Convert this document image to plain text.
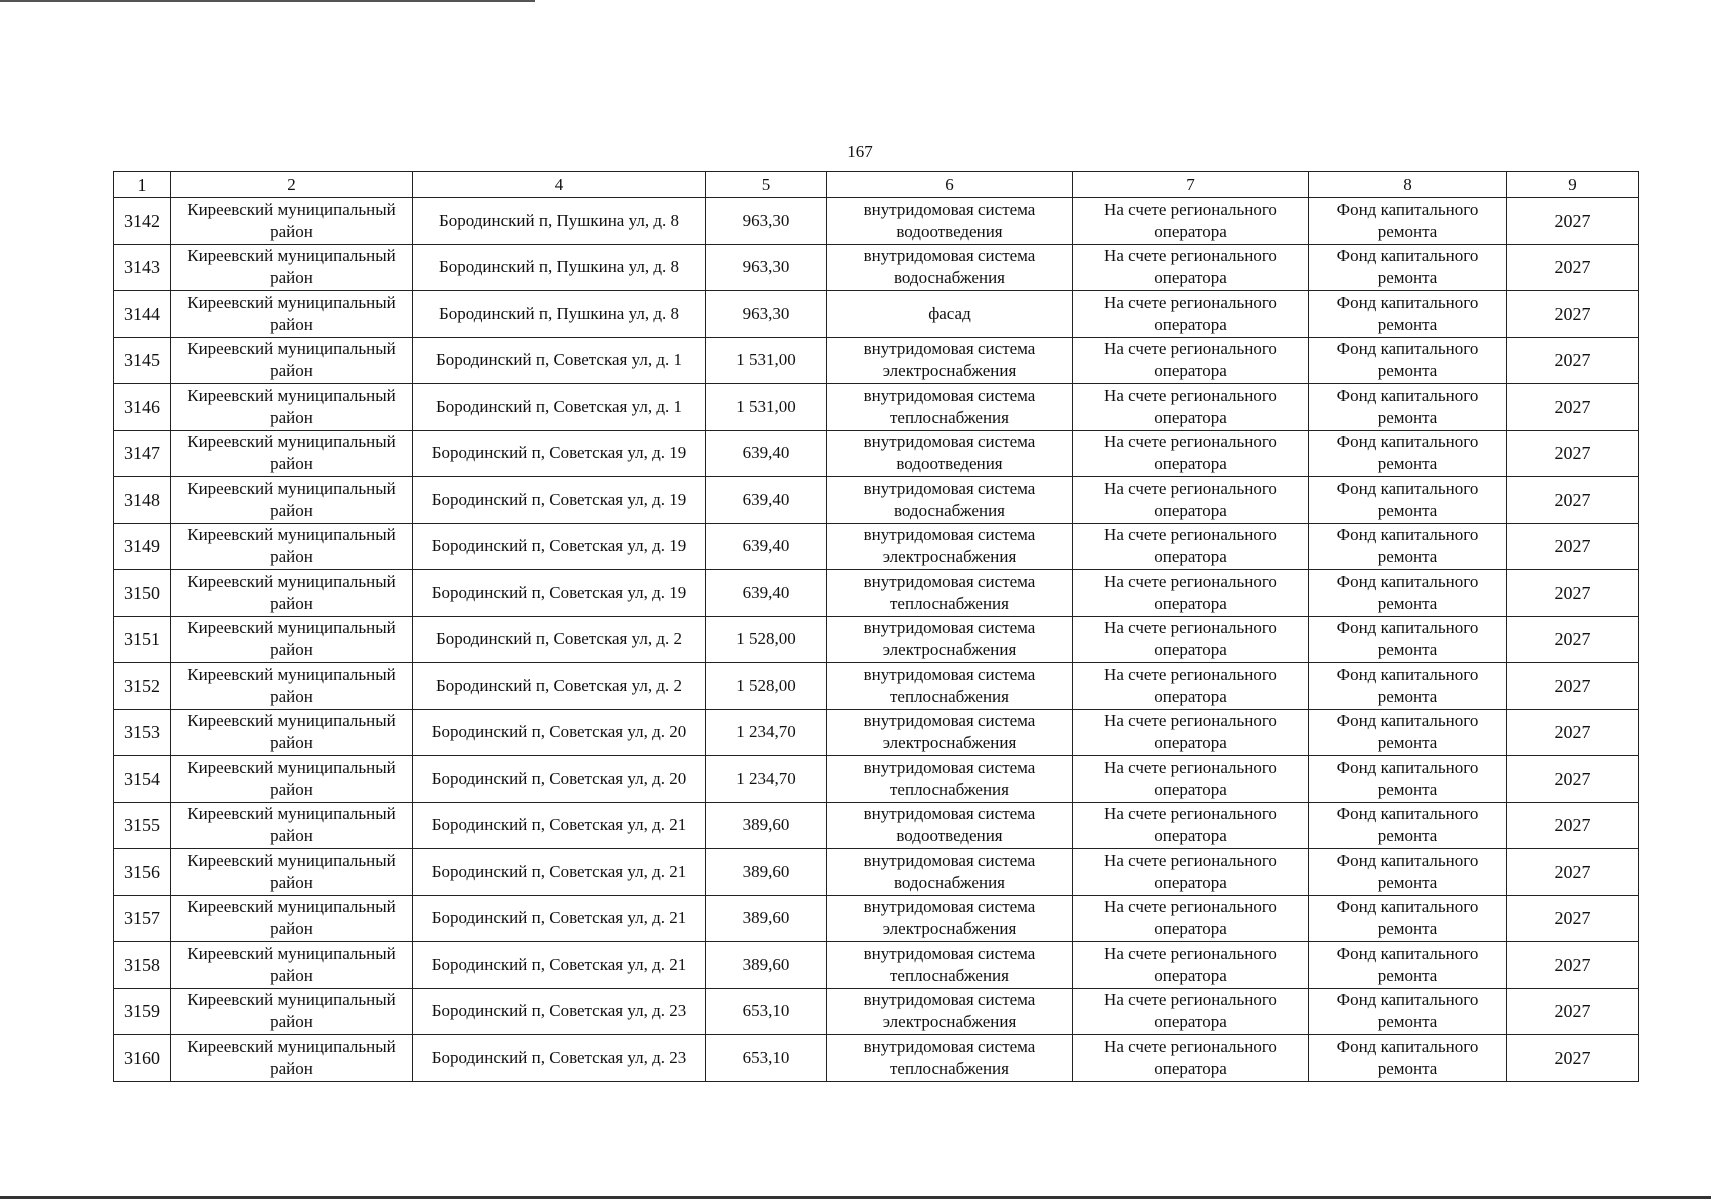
167
1	2	4	5	6	7	8	9
3142	Киреевский муниципальный район	Бородинский п, Пушкина ул, д. 8	963,30	внутридомовая система водоотведения	На счете регионального оператора	Фонд капитального ремонта	2027
3143	Киреевский муниципальный район	Бородинский п, Пушкина ул, д. 8	963,30	внутридомовая система водоснабжения	На счете регионального оператора	Фонд капитального ремонта	2027
3144	Киреевский муниципальный район	Бородинский п, Пушкина ул, д. 8	963,30	фасад	На счете регионального оператора	Фонд капитального ремонта	2027
3145	Киреевский муниципальный район	Бородинский п, Советская ул, д. 1	1 531,00	внутридомовая система электроснабжения	На счете регионального оператора	Фонд капитального ремонта	2027
3146	Киреевский муниципальный район	Бородинский п, Советская ул, д. 1	1 531,00	внутридомовая система теплоснабжения	На счете регионального оператора	Фонд капитального ремонта	2027
3147	Киреевский муниципальный район	Бородинский п, Советская ул, д. 19	639,40	внутридомовая система водоотведения	На счете регионального оператора	Фонд капитального ремонта	2027
3148	Киреевский муниципальный район	Бородинский п, Советская ул, д. 19	639,40	внутридомовая система водоснабжения	На счете регионального оператора	Фонд капитального ремонта	2027
3149	Киреевский муниципальный район	Бородинский п, Советская ул, д. 19	639,40	внутридомовая система электроснабжения	На счете регионального оператора	Фонд капитального ремонта	2027
3150	Киреевский муниципальный район	Бородинский п, Советская ул, д. 19	639,40	внутридомовая система теплоснабжения	На счете регионального оператора	Фонд капитального ремонта	2027
3151	Киреевский муниципальный район	Бородинский п, Советская ул, д. 2	1 528,00	внутридомовая система электроснабжения	На счете регионального оператора	Фонд капитального ремонта	2027
3152	Киреевский муниципальный район	Бородинский п, Советская ул, д. 2	1 528,00	внутридомовая система теплоснабжения	На счете регионального оператора	Фонд капитального ремонта	2027
3153	Киреевский муниципальный район	Бородинский п, Советская ул, д. 20	1 234,70	внутридомовая система электроснабжения	На счете регионального оператора	Фонд капитального ремонта	2027
3154	Киреевский муниципальный район	Бородинский п, Советская ул, д. 20	1 234,70	внутридомовая система теплоснабжения	На счете регионального оператора	Фонд капитального ремонта	2027
3155	Киреевский муниципальный район	Бородинский п, Советская ул, д. 21	389,60	внутридомовая система водоотведения	На счете регионального оператора	Фонд капитального ремонта	2027
3156	Киреевский муниципальный район	Бородинский п, Советская ул, д. 21	389,60	внутридомовая система водоснабжения	На счете регионального оператора	Фонд капитального ремонта	2027
3157	Киреевский муниципальный район	Бородинский п, Советская ул, д. 21	389,60	внутридомовая система электроснабжения	На счете регионального оператора	Фонд капитального ремонта	2027
3158	Киреевский муниципальный район	Бородинский п, Советская ул, д. 21	389,60	внутридомовая система теплоснабжения	На счете регионального оператора	Фонд капитального ремонта	2027
3159	Киреевский муниципальный район	Бородинский п, Советская ул, д. 23	653,10	внутридомовая система электроснабжения	На счете регионального оператора	Фонд капитального ремонта	2027
3160	Киреевский муниципальный район	Бородинский п, Советская ул, д. 23	653,10	внутридомовая система теплоснабжения	На счете регионального оператора	Фонд капитального ремонта	2027
